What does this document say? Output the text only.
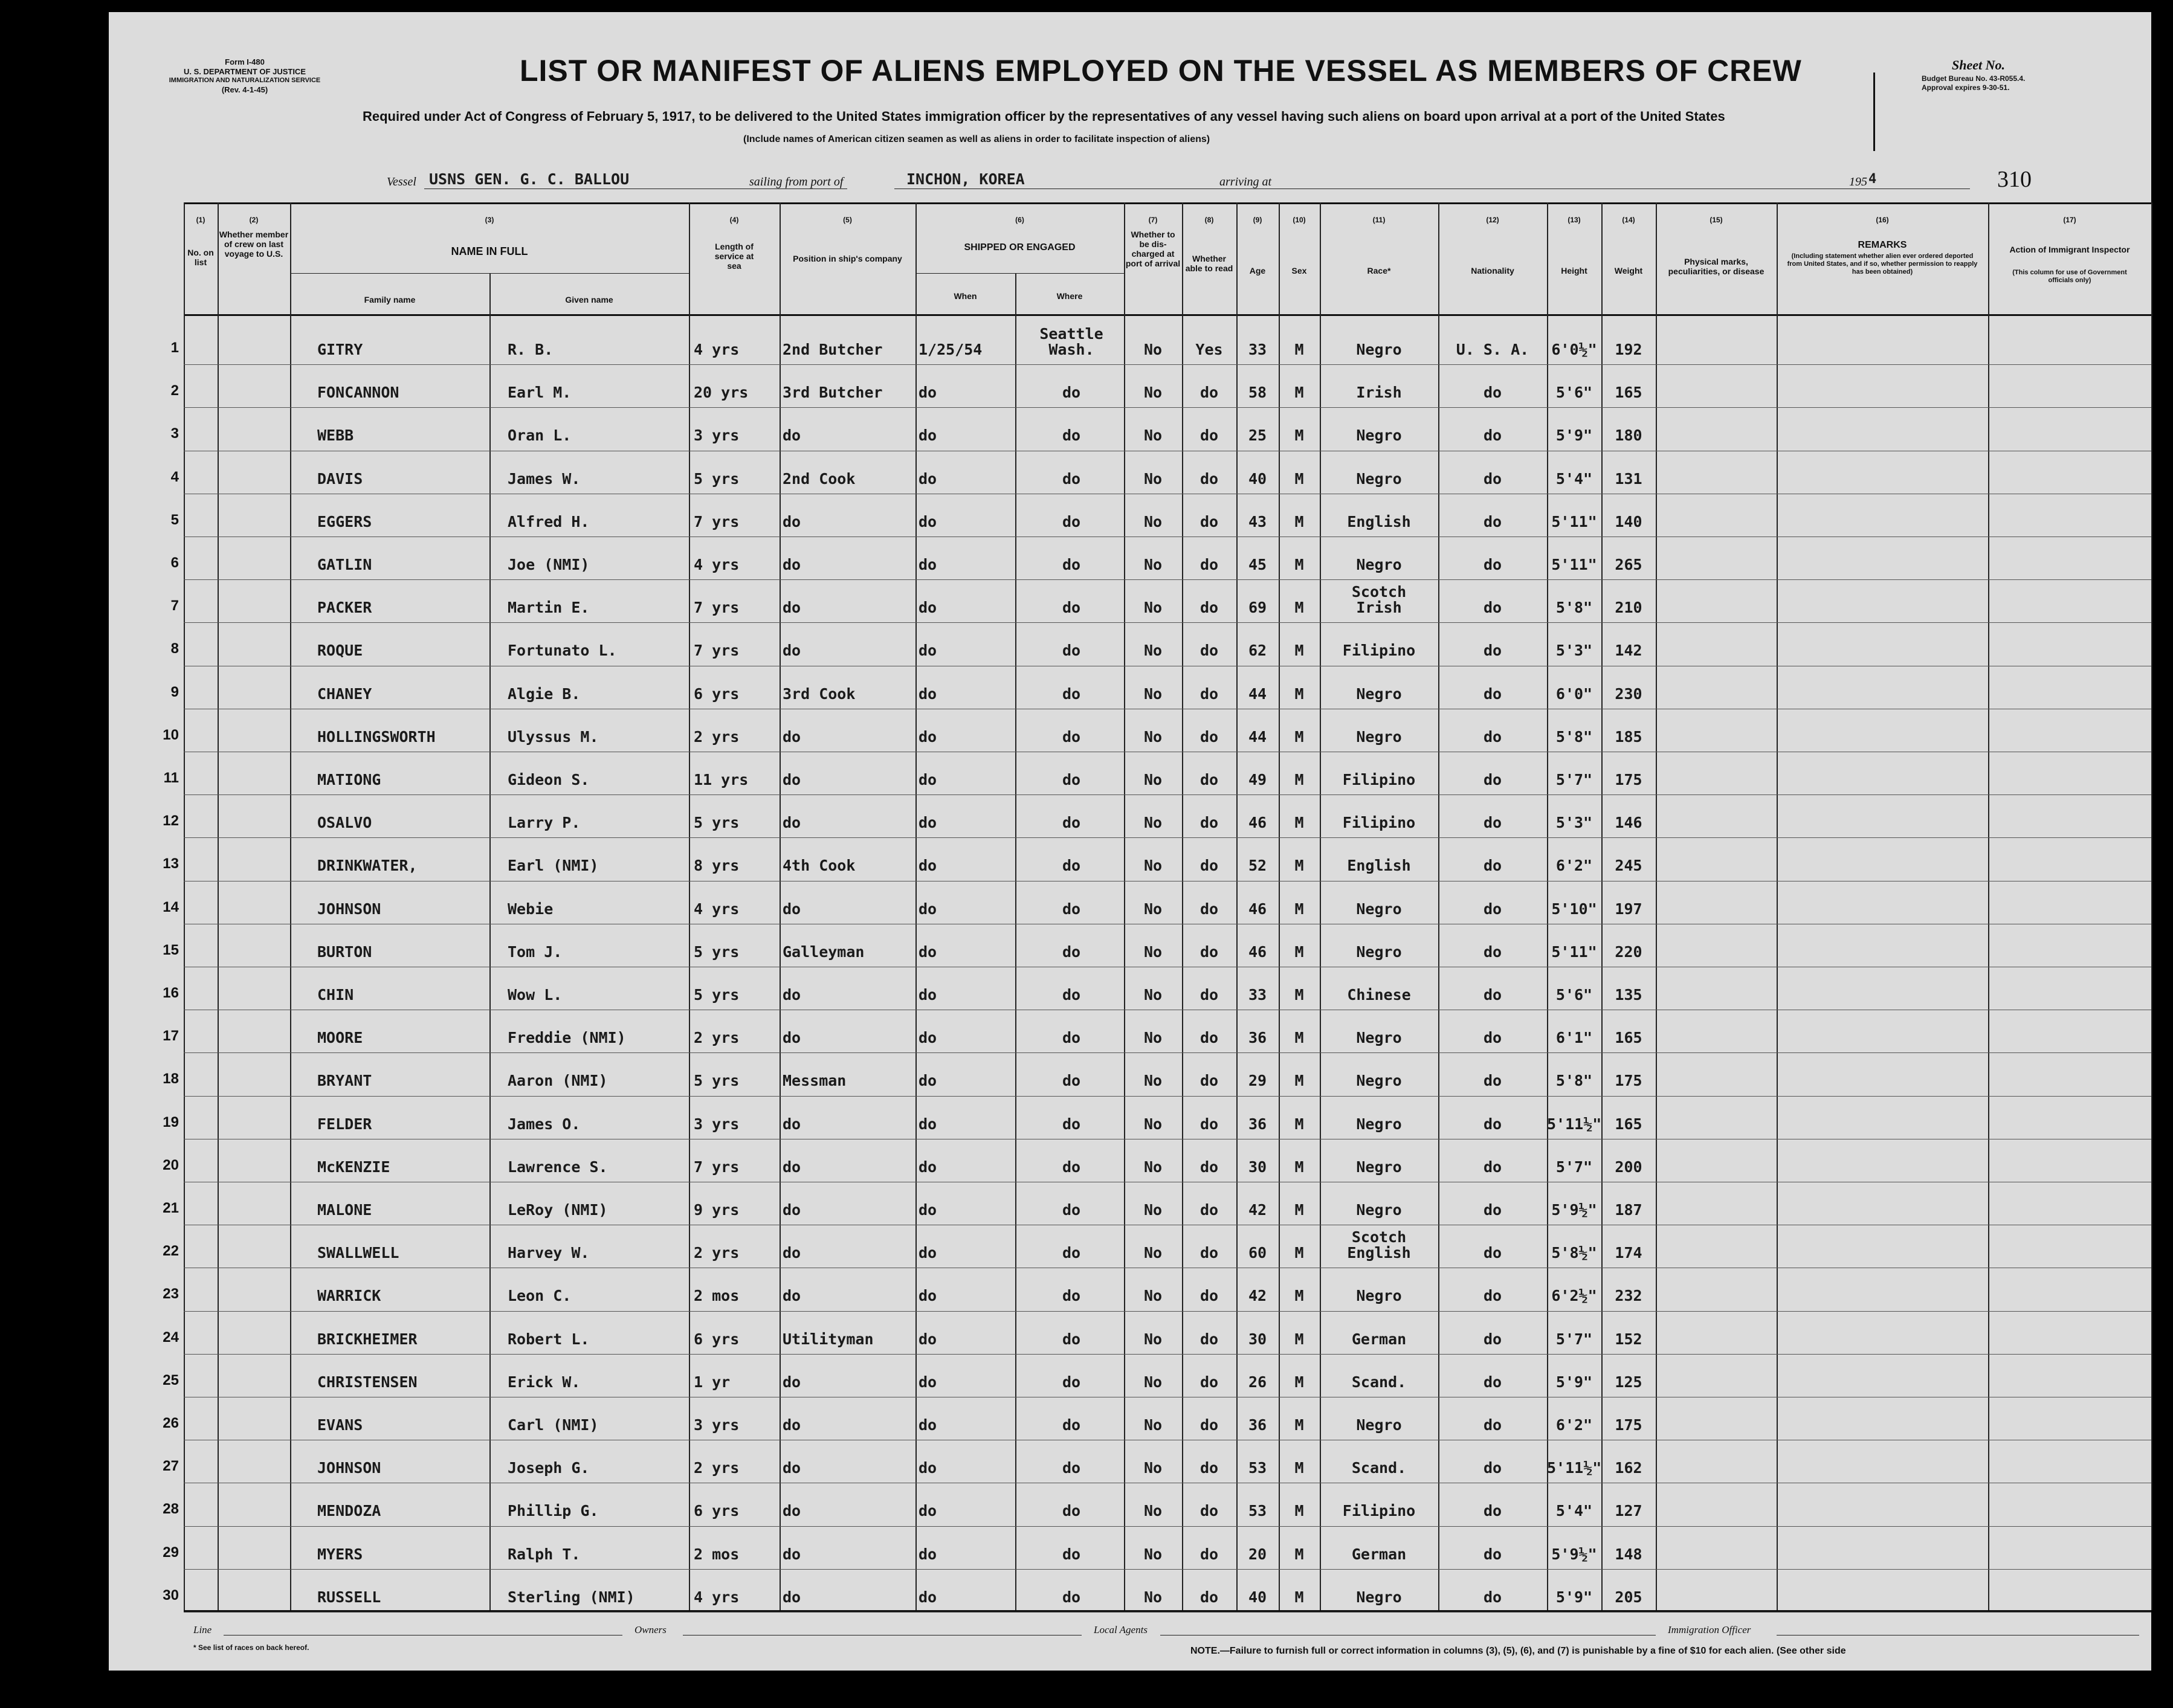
Form I-480
U. S. DEPARTMENT OF JUSTICE
IMMIGRATION AND NATURALIZATION SERVICE
(Rev. 4-1-45)
LIST OR MANIFEST OF ALIENS EMPLOYED ON THE VESSEL AS MEMBERS OF CREW
Required under Act of Congress of February 5, 1917, to be delivered to the United States immigration officer by the representatives of any vessel having such aliens on board upon arrival at a port of the United States
(Include names of American citizen seamen as well as aliens in order to facilitate inspection of aliens)
Sheet No.
Budget Bureau No. 43-R055.4.
Approval expires 9-30-51.
Vessel USNS GEN. G. C. BALLOU	sailing from port of	INCHON, KOREA	arriving at	195 4	310
(1)
No. on list
(2)
Whether member of crew on last voyage to U.S.
(3)
NAME IN FULL
Family name	Given name
(4)
Length of service at sea
(5)
Position in ship's company
(6)
SHIPPED OR ENGAGED
When	Where
(7)
Whether to be dis-charged at port of arrival
(8)
Whether able to read
(9)
Age
(10)
Sex
(11)
Race*
(12)
Nationality
(13)
Height
(14)
Weight
(15)
Physical marks, peculiarities, or disease
(16)
REMARKS
(Including statement whether alien ever ordered deported from United States, and if so, whether permission to reapply has been obtained)
(17)
Action of Immigrant Inspector
(This column for use of Government officials only)
1	GITRY	R. B.	4 yrs	2nd Butcher 1/25/54
Seattle
Wash.	No	Yes	33	M	Negro	U. S. A.	6'0½"	192
2	FONCANNON	Earl M.	20 yrs 3rd Butcher do	do	No	do	58	M	Irish	do	5'6"	165
3	WEBB	Oran L.	3 yrs	do	do	do	No	do	25	M	Negro	do	5'9"	180
4	DAVIS	James W.	5 yrs	2nd Cook	do	do	No	do	40	M	Negro	do	5'4"	131
5	EGGERS	Alfred H.	7 yrs	do	do	do	No	do	43	M	English	do	5'11"	140
6	GATLIN	Joe (NMI)	4 yrs	do	do	do	No	do	45	M	Negro	do	5'11"	265
7	PACKER	Martin E.	7 yrs	do	do	do	No	do	69	M
Scotch
Irish	do	5'8"	210
8	ROQUE	Fortunato L.	7 yrs	do	do	do	No	do	62	M	Filipino	do	5'3"	142
9	CHANEY	Algie B.	6 yrs	3rd Cook	do	do	No	do	44	M	Negro	do	6'0"	230
10	HOLLINGSWORTH	Ulyssus M.	2 yrs	do	do	do	No	do	44	M	Negro	do	5'8"	185
11	MATIONG	Gideon S.	11 yrs do	do	do	No	do	49	M	Filipino	do	5'7"	175
12	OSALVO	Larry P.	5 yrs	do	do	do	No	do	46	M	Filipino	do	5'3"	146
13	DRINKWATER,	Earl (NMI)	8 yrs	4th Cook	do	do	No	do	52	M	English	do	6'2"	245
14	JOHNSON	Webie	4 yrs	do	do	do	No	do	46	M	Negro	do	5'10"	197
15	BURTON	Tom J.	5 yrs	Galleyman	do	do	No	do	46	M	Negro	do	5'11"	220
16	CHIN	Wow L.	5 yrs	do	do	do	No	do	33	M	Chinese	do	5'6"	135
17	MOORE	Freddie (NMI)	2 yrs	do	do	do	No	do	36	M	Negro	do	6'1"	165
18	BRYANT	Aaron (NMI)	5 yrs	Messman	do	do	No	do	29	M	Negro	do	5'8"	175
19	FELDER	James O.	3 yrs	do	do	do	No	do	36	M	Negro	do	5'11½" 165
20	McKENZIE	Lawrence S.	7 yrs	do	do	do	No	do	30	M	Negro	do	5'7"	200
21	MALONE	LeRoy (NMI)	9 yrs	do	do	do	No	do	42	M	Negro	do	5'9½"	187
22	SWALLWELL	Harvey W.	2 yrs	do	do	do	No	do	60	M
Scotch
English	do	5'8½"	174
23	WARRICK	Leon C.	2 mos	do	do	do	No	do	42	M	Negro	do	6'2½"	232
24	BRICKHEIMER	Robert L.	6 yrs	Utilityman	do	do	No	do	30	M	German	do	5'7"	152
25	CHRISTENSEN	Erick W.	1 yr	do	do	do	No	do	26	M	Scand.	do	5'9"	125
26	EVANS	Carl (NMI)	3 yrs	do	do	do	No	do	36	M	Negro	do	6'2"	175
27	JOHNSON	Joseph G.	2 yrs	do	do	do	No	do	53	M	Scand.	do	5'11½" 162
28	MENDOZA	Phillip G.	6 yrs	do	do	do	No	do	53	M	Filipino	do	5'4"	127
29	MYERS	Ralph T.	2 mos	do	do	do	No	do	20	M	German	do	5'9½"	148
30	RUSSELL	Sterling (NMI)	4 yrs	do	do	do	No	do	40	M	Negro	do	5'9"	205
Line	Owners	Local Agents	Immigration Officer
* See list of races on back hereof.	NOTE.—Failure to furnish full or correct information in columns (3), (5), (6), and (7) is punishable by a fine of $10 for each alien. (See other side
